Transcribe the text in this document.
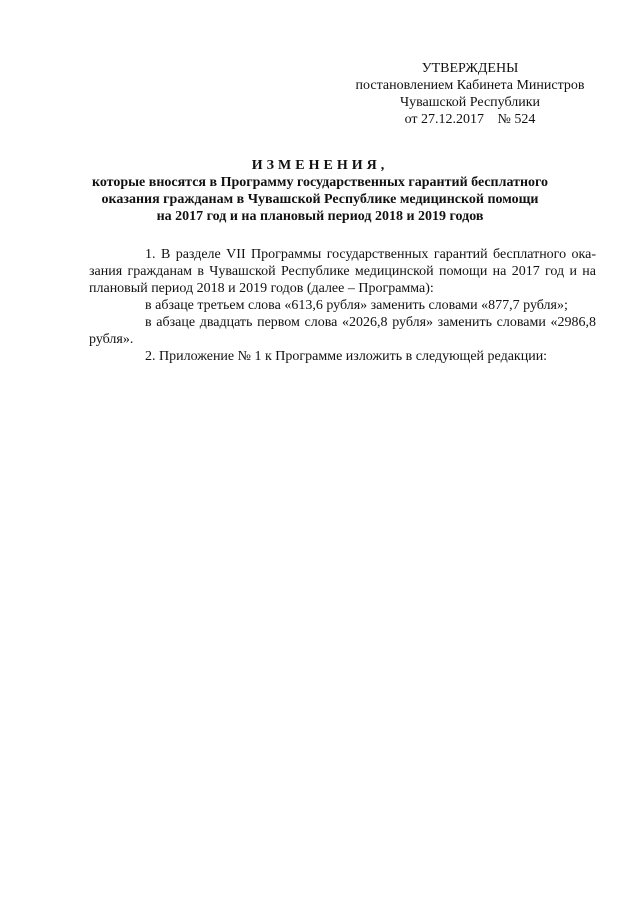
УТВЕРЖДЕНЫ
постановлением Кабинета Министров
Чувашской Республики
от 27.12.2017 № 524
ИЗМЕНЕНИЯ,
которые вносятся в Программу государственных гарантий бесплатного
оказания гражданам в Чувашской Республике медицинской помощи
на 2017 год и на плановый период 2018 и 2019 годов

1. В разделе VII Программы государственных гарантий бесплатного оказания гражданам в Чувашской Республике медицинской помощи на 2017 год и на плановый период 2018 и 2019 годов (далее – Программа):

в абзаце третьем слова «613,6 рубля» заменить словами «877,7 рубля»;

в абзаце двадцать первом слова «2026,8 рубля» заменить словами «2986,8 рубля».

2. Приложение № 1 к Программе изложить в следующей редакции:
